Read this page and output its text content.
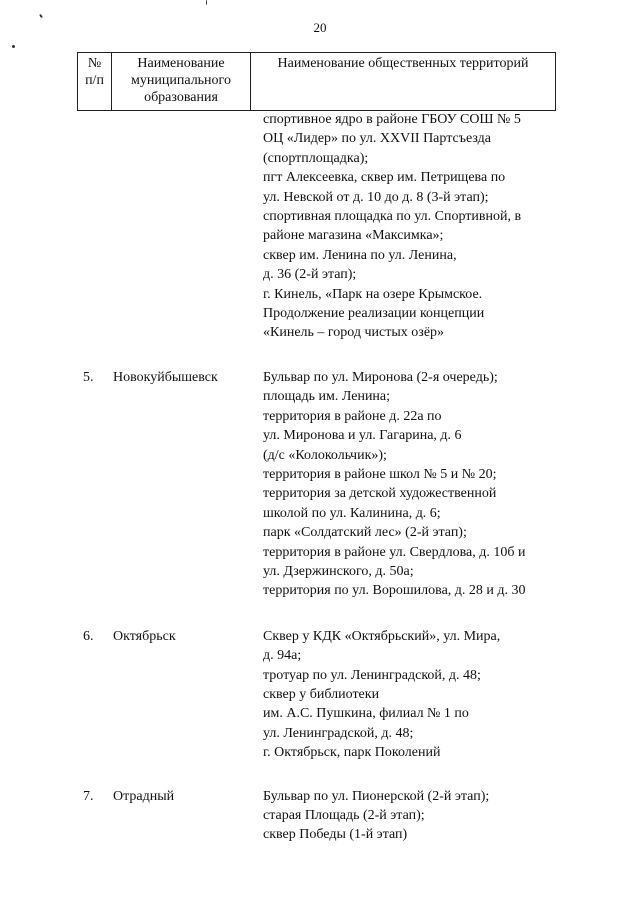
20
№
п/п

Наименование
муниципального
образования
	Наименование общественных территорий
спортивное ядро в районе ГБОУ СОШ № 5
ОЦ «Лидер» по ул. XXVII Партсъезда
(спортплощадка);
пгт Алексеевка, сквер им. Петрищева по
ул. Невской от д. 10 до д. 8 (3-й этап);
спортивная площадка по ул. Спортивной, в
районе магазина «Максимка»;
сквер им. Ленина по ул. Ленина,
д. 36 (2-й этап);
г. Кинель, «Парк на озере Крымское.
Продолжение реализации концепции
«Кинель – город чистых озёр»
5. Новокуйбышевск	Бульвар по ул. Миронова (2-я очередь);
площадь им. Ленина;
территория в районе д. 22а по
ул. Миронова и ул. Гагарина, д. 6
(д/с «Колокольчик»);
территория в районе школ № 5 и № 20;
территория за детской художественной
школой по ул. Калинина, д. 6;
парк «Солдатский лес» (2-й этап);
территория в районе ул. Свердлова, д. 10б и
ул. Дзержинского, д. 50а;
территория по ул. Ворошилова, д. 28 и д. 30
6. Октябрьск	Сквер у КДК «Октябрьский», ул. Мира,
д. 94а;
тротуар по ул. Ленинградской, д. 48;
сквер у библиотеки
им. А.С. Пушкина, филиал № 1 по
ул. Ленинградской, д. 48;
г. Октябрьск, парк Поколений
7. Отрадный	Бульвар по ул. Пионерской (2-й этап);
старая Площадь (2-й этап);
сквер Победы (1-й этап)
